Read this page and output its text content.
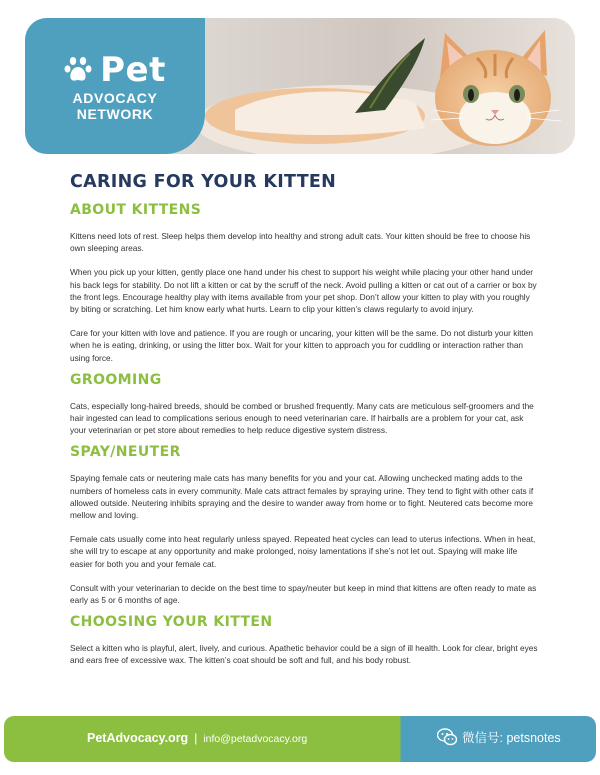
Pet
ADVOCACY
NETWORK
CARING FOR YOUR KITTEN
ABOUT KITTENS

Kittens need lots of rest. Sleep helps them develop into healthy and strong adult cats. Your kitten should be free to choose his own sleeping areas.

When you pick up your kitten, gently place one hand under his chest to support his weight while placing your other hand under his back legs for stability. Do not lift a kitten or cat by the scruff of the neck. Avoid pulling a kitten or cat out of a carrier or box by the front legs. Encourage healthy play with items available from your pet shop. Don’t allow your kitten to play with you roughly by biting or scratching. Let him know early what hurts. Learn to clip your kitten’s claws regularly to avoid injury.

Care for your kitten with love and patience. If you are rough or uncaring, your kitten will be the same. Do not disturb your kitten when he is eating, drinking, or using the litter box. Wait for your kitten to approach you for cuddling or interaction rather than using force.

GROOMING

Cats, especially long-haired breeds, should be combed or brushed frequently. Many cats are meticulous self-groomers and the hair ingested can lead to complications serious enough to need veterinarian care. If hairballs are a problem for your cat, ask your veterinarian or pet store about remedies to help reduce digestive system distress.

SPAY/NEUTER

Spaying female cats or neutering male cats has many benefits for you and your cat. Allowing unchecked mating adds to the numbers of homeless cats in every community. Male cats attract females by spraying urine. They tend to fight with other cats if allowed outside. Neutering inhibits spraying and the desire to wander away from home or to fight. Neutered cats become more mellow and loving.

Female cats usually come into heat regularly unless spayed. Repeated heat cycles can lead to uterus infections. When in heat, she will try to escape at any opportunity and make prolonged, noisy lamentations if she’s not let out. Spaying will make life easier for both you and your female cat.

Consult with your veterinarian to decide on the best time to spay/neuter but keep in mind that kittens are often ready to mate as early as 5 or 6 months of age.

CHOOSING YOUR KITTEN

Select a kitten who is playful, alert, lively, and curious. Apathetic behavior could be a sign of ill health. Look for clear, bright eyes and ears free of excessive wax. The kitten’s coat should be soft and full, and his body robust.

PetAdvocacy.org | info@petadvocacy.org	微信号: petsnotes
